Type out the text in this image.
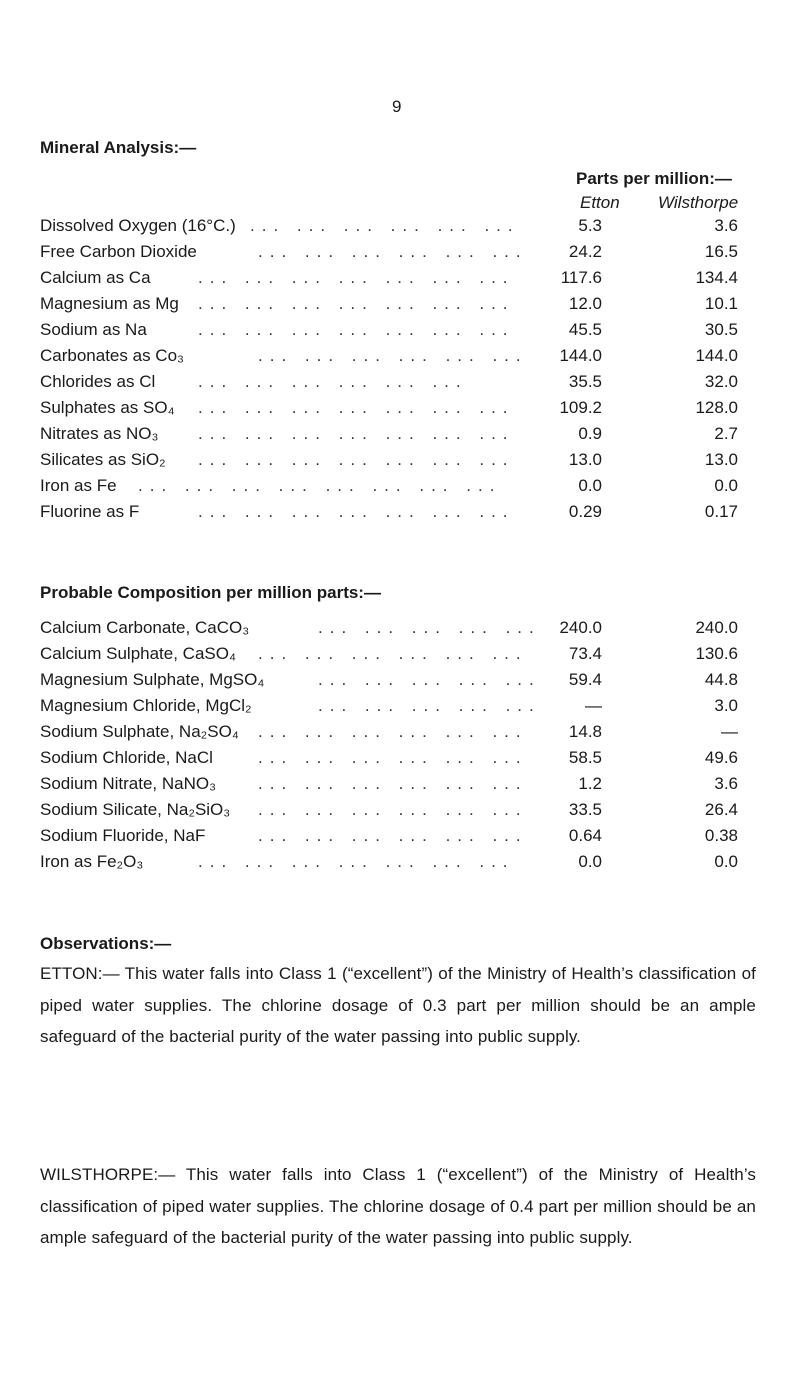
9
Mineral Analysis:—
Parts per million:—
Etton Wilsthorpe
Dissolved Oxygen (16°C.) ... ... ... ... ... ...	5.3	3.6
Free Carbon Dioxide	... ... ... ... ... ...	24.2	16.5
Calcium as Ca	... ... ... ... ... ... ...	117.6	134.4
Magnesium as Mg ... ... ... ... ... ... ...	12.0	10.1
Sodium as Na	... ... ... ... ... ... ...	45.5	30.5
Carbonates as Co₃	... ... ... ... ... ...	144.0	144.0
Chlorides as Cl	... ... ... ... ... ...	35.5	32.0
Sulphates as SO₄ ... ... ... ... ... ... ...	109.2	128.0
Nitrates as NO₃ ... ... ... ... ... ... ...	0.9	2.7
Silicates as SiO₂ ... ... ... ... ... ... ...	13.0	13.0
Iron as Fe ... ... ... ... ... ... ... ...	0.0	0.0
Fluorine as F	... ... ... ... ... ... ...	0.29	0.17
Probable Composition per million parts:—
Calcium Carbonate, CaCO₃	... ... ... ... ...	240.0	240.0
Calcium Sulphate, CaSO₄ ... ... ... ... ... ...	73.4	130.6
Magnesium Sulphate, MgSO₄	... ... ... ... ...	59.4	44.8
Magnesium Chloride, MgCl₂	... ... ... ... ...	—	3.0
Sodium Sulphate, Na₂SO₄ ... ... ... ... ... ...	14.8	—
Sodium Chloride, NaCl	... ... ... ... ... ...	58.5	49.6
Sodium Nitrate, NaNO₃ ... ... ... ... ... ...	1.2	3.6
Sodium Silicate, Na₂SiO₃ ... ... ... ... ... ...	33.5	26.4
Sodium Fluoride, NaF	... ... ... ... ... ...	0.64	0.38
Iron as Fe₂O₃	... ... ... ... ... ... ...	0.0	0.0
Observations:—
ETTON:— This water falls into Class 1 (“excellent”) of the Ministry of Health’s classification of piped water supplies. The chlorine dosage of 0.3 part per million should be an ample safeguard of the bacterial purity of the water passing into public supply.
WILSTHORPE:— This water falls into Class 1 (“excellent”) of the Ministry of Health’s classification of piped water supplies. The chlorine dosage of 0.4 part per million should be an ample safeguard of the bacterial purity of the water passing into public supply.
